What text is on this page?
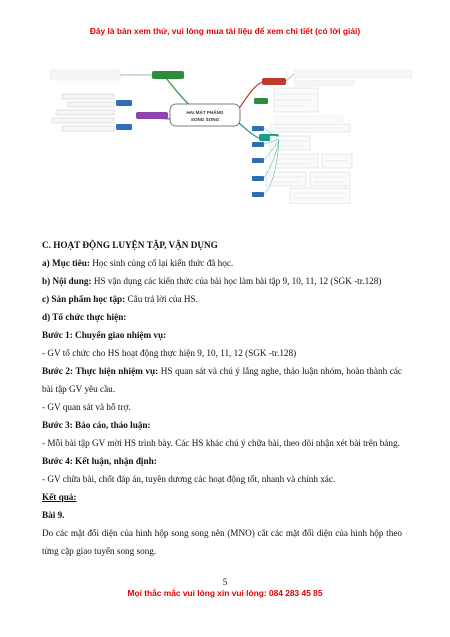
Đây là bản xem thử, vui lòng mua tài liệu để xem chi tiết (có lời giải)
HAI MẶT PHẲNG
SONG SONG

C. HOẠT ĐỘNG LUYỆN TẬP, VẬN DỤNG

a) Mục tiêu: Học sinh củng cố lại kiến thức đã học.

b) Nội dung: HS vận dụng các kiến thức của bài học làm bài tập 9, 10, 11, 12 (SGK -tr.128)

c) Sản phẩm học tập: Câu trả lời của HS.

d) Tổ chức thực hiện:

Bước 1: Chuyển giao nhiệm vụ:

- GV tổ chức cho HS hoạt động thực hiện 9, 10, 11, 12 (SGK -tr.128)

Bước 2: Thực hiện nhiệm vụ: HS quan sát và chú ý lắng nghe, thảo luận nhóm, hoàn thành các bài tập GV yêu cầu.

- GV quan sát và hỗ trợ.

Bước 3: Báo cáo, thảo luận:

- Mỗi bài tập GV mời HS trình bày. Các HS khác chú ý chữa bài, theo dõi nhận xét bài trên bảng.

Bước 4: Kết luận, nhận định:

- GV chữa bài, chốt đáp án, tuyên dương các hoạt động tốt, nhanh và chính xác.

Kết quả:

Bài 9.

Do các mặt đối diện của hình hộp song song nên (MNO) cắt các mặt đối diện của hình hộp theo từng cặp giao tuyến song song.

5
Mọi thắc mắc vui lòng xin vui lòng: 084 283 45 85
